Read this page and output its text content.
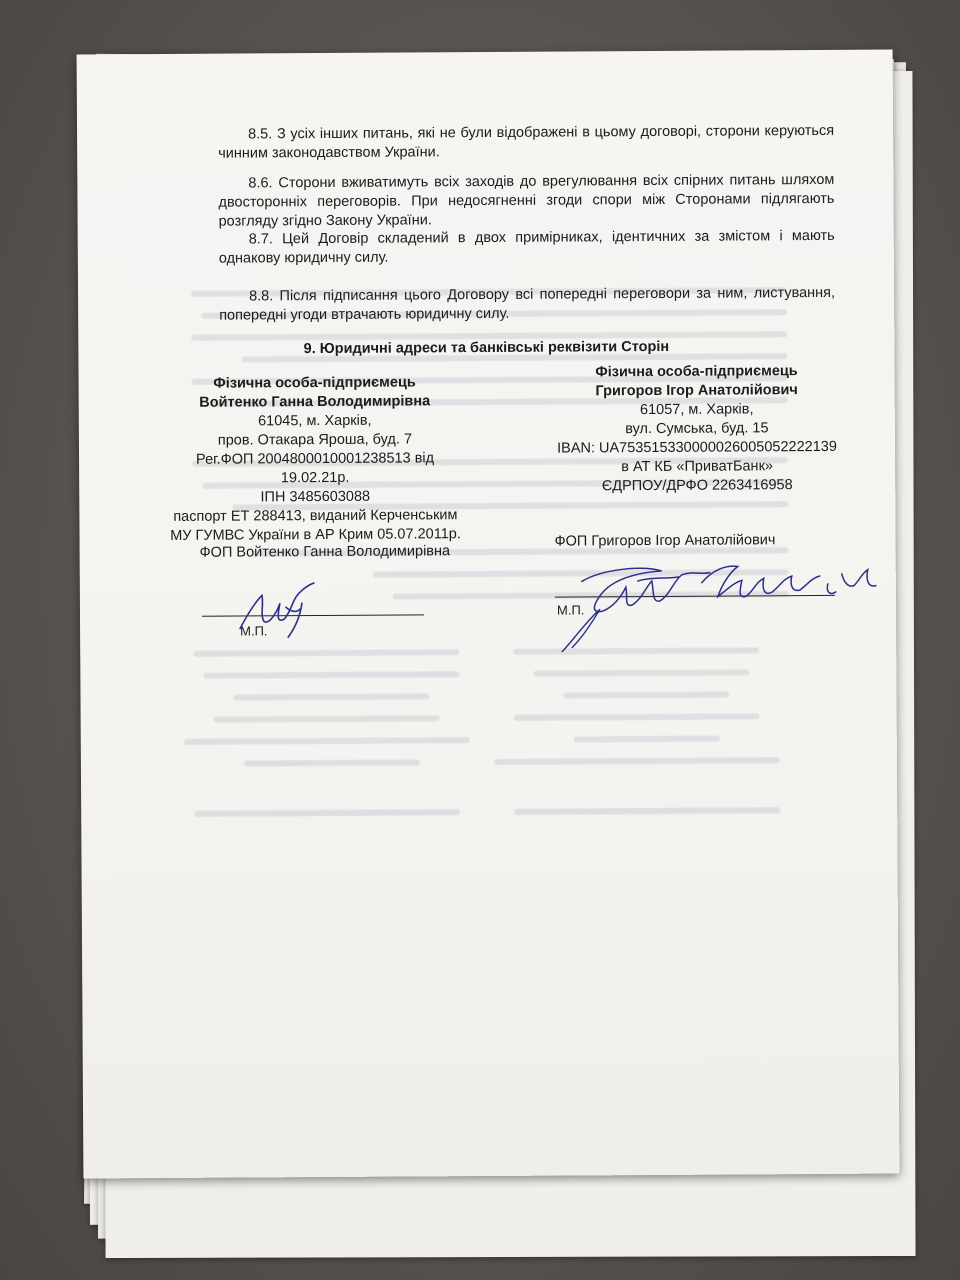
8.5. З усіх інших питань, які не були відображені в цьому договорі, сторони керуються чинним законодавством України.
8.6. Сторони вживатимуть всіх заходів до врегулювання всіх спірних питань шляхом двосторонніх переговорів. При недосягненні згоди спори між Сторонами підлягають розгляду згідно Закону України.
8.7. Цей Договір складений в двох примірниках, ідентичних за змістом і мають однакову юридичну силу.
8.8. Після підписання цього Договору всі попередні переговори за ним, листування, попередні угоди втрачають юридичну силу.
9. Юридичні адреси та банківські реквізити Сторін
Фізична особа-підприємець
Войтенко Ганна Володимирівна
61045, м. Харків,
пров. Отакара Яроша, буд. 7
Рег.ФОП 2004800010001238513 від
19.02.21р.
ІПН 3485603088
паспорт ЕТ 288413, виданий Керченським
МУ ГУМВС України в АР Крим 05.07.2011р.
Фізична особа-підприємець
Григоров Ігор Анатолійович
61057, м. Харків,
вул. Сумська, буд. 15
IBAN: UA753515330000026005052222139
в АТ КБ «ПриватБанк»
ЄДРПОУ/ДРФО 2263416958
ФОП Войтенко Ганна Володимирівна
ФОП Григоров Ігор Анатолійович
М.П.
М.П.
